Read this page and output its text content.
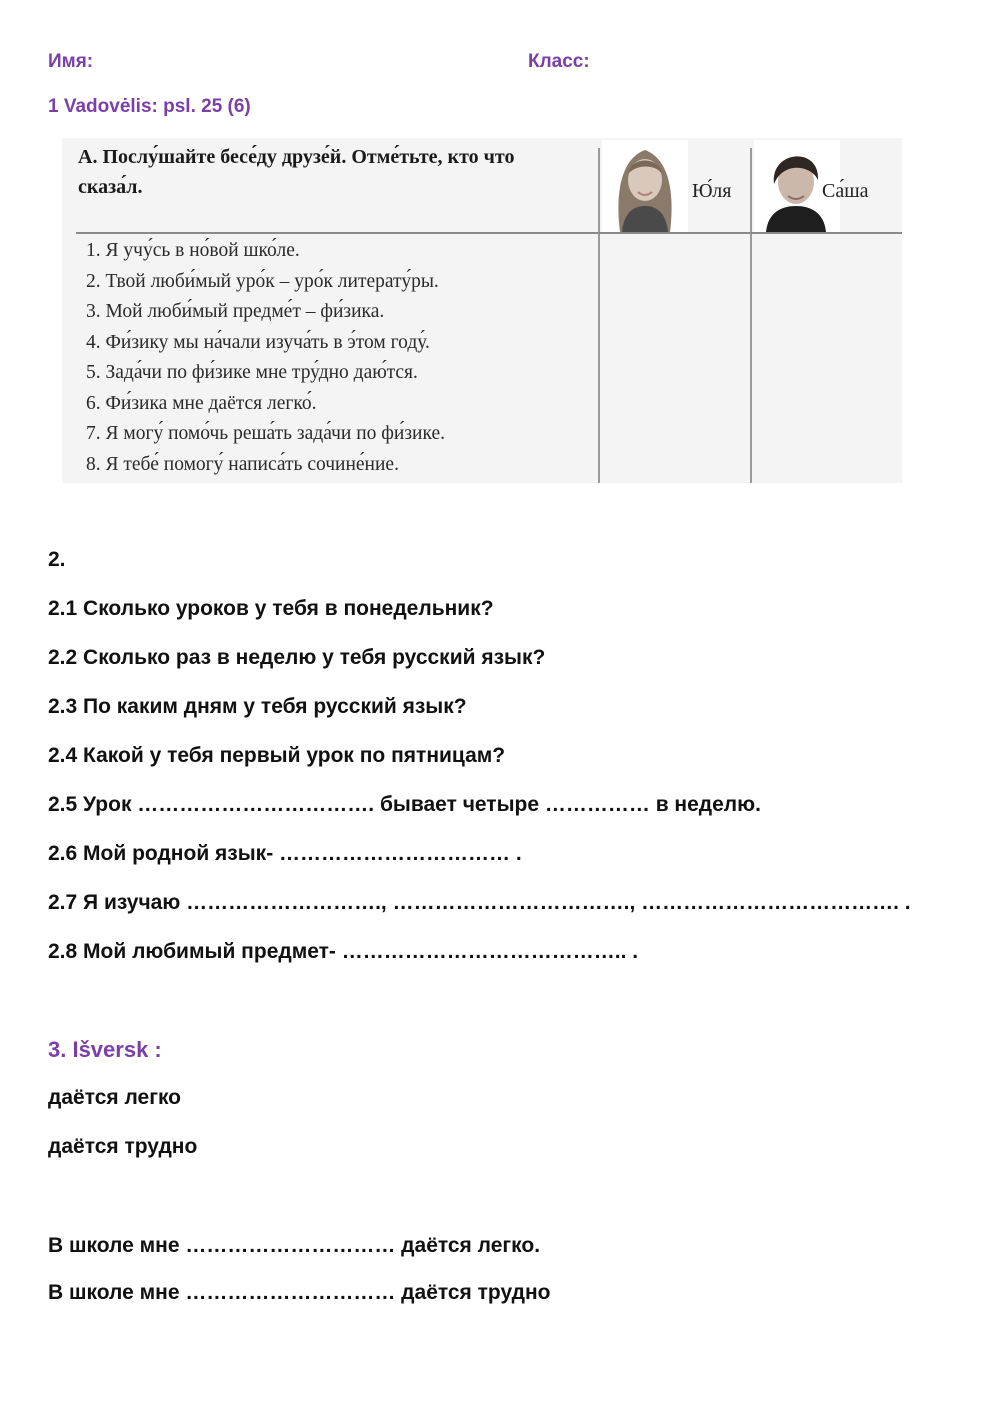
Имя:	Класс:
1 Vadovėlis: psl. 25 (6)
А. Послу́шайте бесе́ду друзе́й. Отме́тьте, кто что сказа́л.	Ю́ля	Са́ша
1. Я учу́сь в но́вой шко́ле.
2. Твой люби́мый уро́к – уро́к литерату́ры.
3. Мой люби́мый предме́т – фи́зика.
4. Фи́зику мы на́чали изуча́ть в э́том году́.
5. Зада́чи по фи́зике мне тру́дно даю́тся.
6. Фи́зика мне даётся легко́.
7. Я могу́ помо́чь реша́ть зада́чи по фи́зике.
8. Я тебе́ помогу́ написа́ть сочине́ние.
2.
2.1 Сколько уроков у тебя в понедельник?
2.2 Сколько раз в неделю у тебя русский язык?
2.3 По каким дням у тебя русский язык?
2.4 Какой у тебя первый урок по пятницам?
2.5 Урок ……………………………. бывает четыре …………… в неделю.
2.6 Мой родной язык- …………………………… .
2.7 Я изучаю ………………………., ……………………………., ………………………………. .
2.8 Мой любимый предмет- ………………………………….. .
3. Išversk :
даётся легко
даётся трудно
В школе мне ………………………… даётся легко.
В школе мне ………………………… даётся трудно
